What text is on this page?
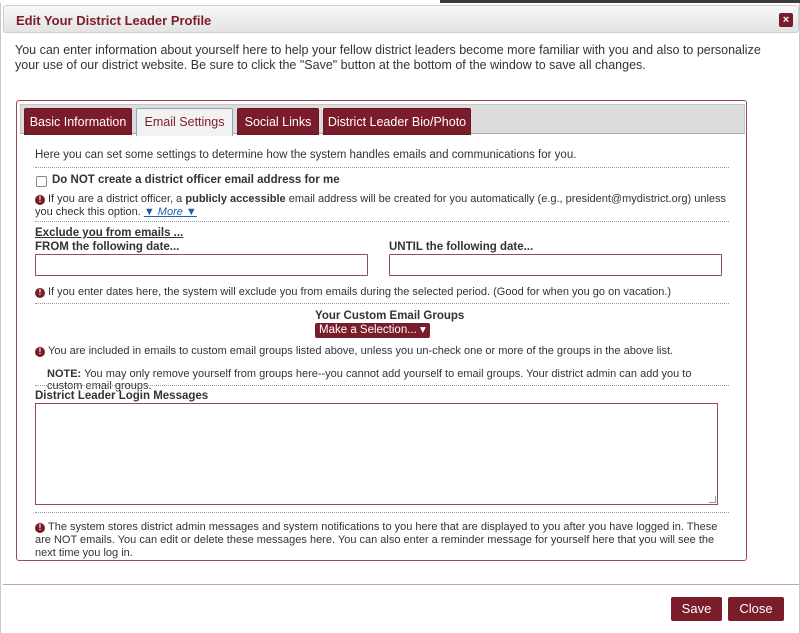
Edit Your District Leader Profile	×
You can enter information about yourself here to help your fellow district leaders become more familiar with you and also to personalize your use of our district website. Be sure to click the "Save" button at the bottom of the window to save all changes.
Basic Information	Email Settings	Social Links	District Leader Bio/Photo
Here you can set some settings to determine how the system handles emails and communications for you.
Do NOT create a district officer email address for me
! If you are a district officer, a publicly accessible email address will be created for you automatically (e.g., president@mydistrict.org) unless you check this option. ▼ More ▼
Exclude you from emails ...
FROM the following date...	UNTIL the following date...
! If you enter dates here, the system will exclude you from emails during the selected period. (Good for when you go on vacation.)
Your Custom Email Groups
Make a Selection... ▾
! You are included in emails to custom email groups listed above, unless you un-check one or more of the groups in the above list.
NOTE: You may only remove yourself from groups here--you cannot add yourself to email groups. Your district admin can add you to custom email groups.
District Leader Login Messages
! The system stores district admin messages and system notifications to you here that are displayed to you after you have logged in. These are NOT emails. You can edit or delete these messages here. You can also enter a reminder message for yourself here that you will see the next time you log in.
Save	Close
